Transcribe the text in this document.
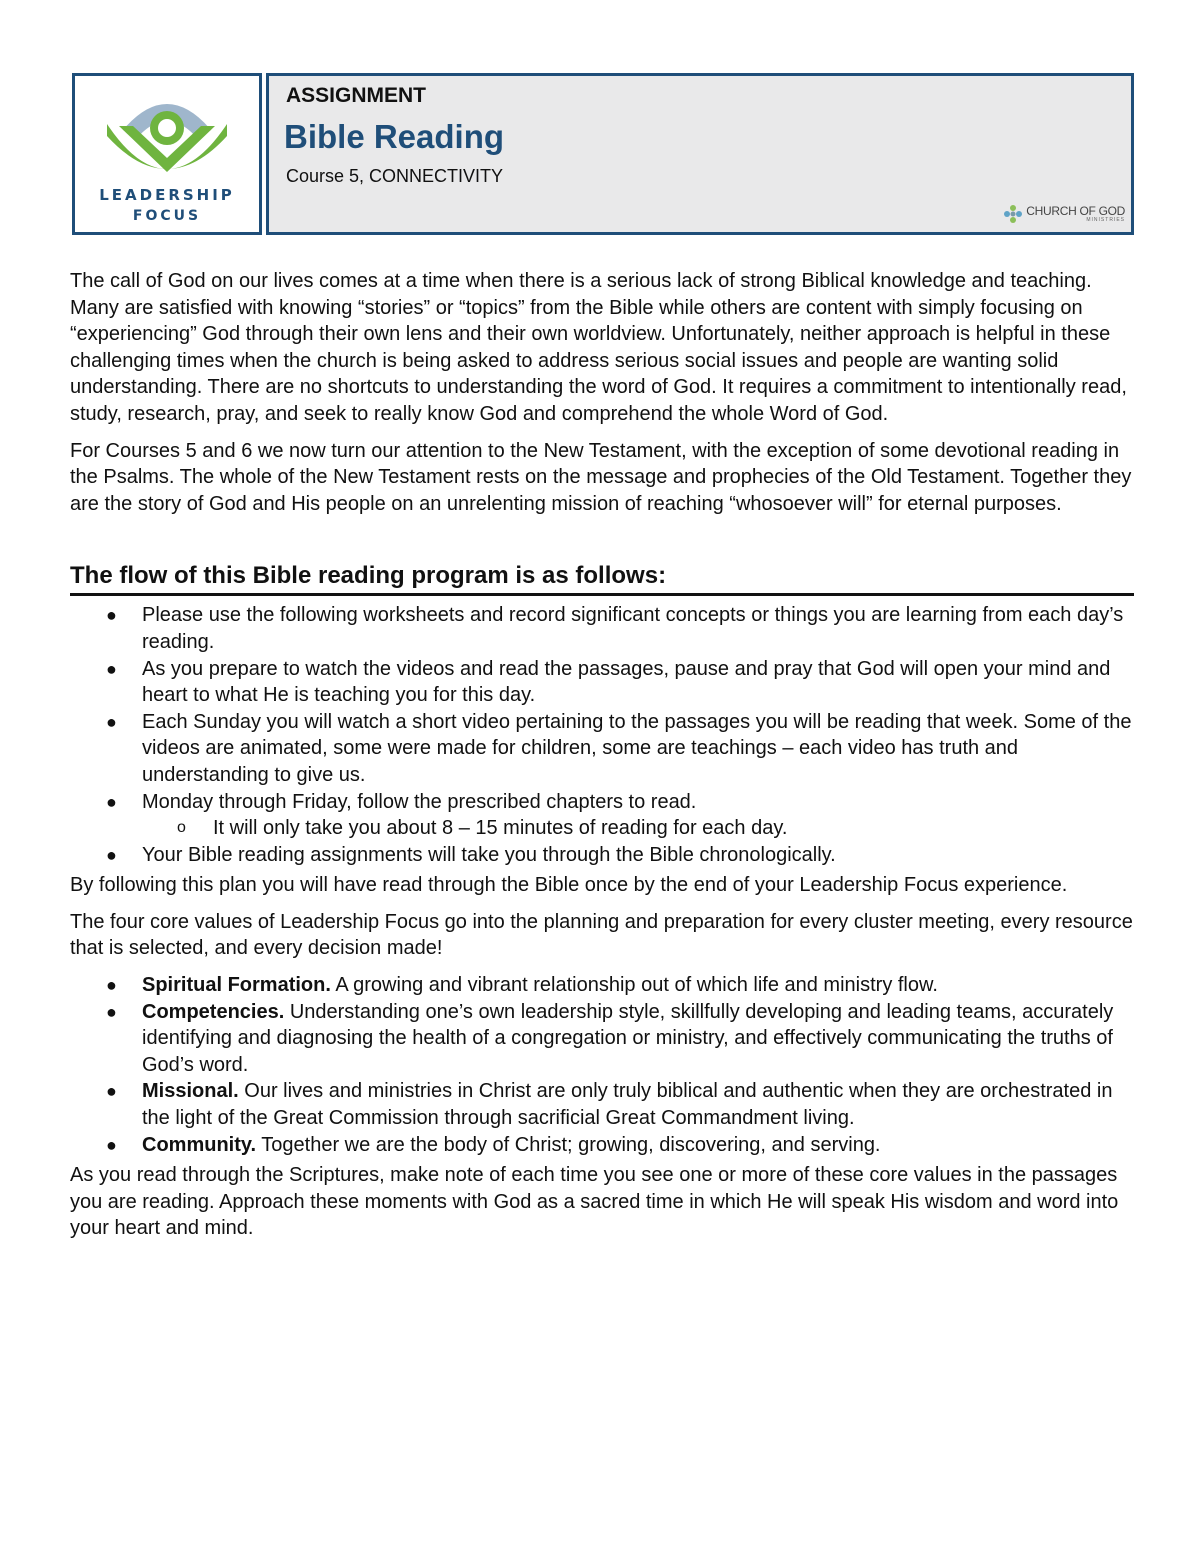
LEADERSHIP
FOCUS
ASSIGNMENT
Bible Reading
Course 5, CONNECTIVITY
CHURCH OF GOD
MINISTRIES

The call of God on our lives comes at a time when there is a serious lack of strong Biblical knowledge and teaching. Many are satisfied with knowing “stories” or “topics” from the Bible while others are content with simply focusing on “experiencing” God through their own lens and their own worldview. Unfortunately, neither approach is helpful in these challenging times when the church is being asked to address serious social issues and people are wanting solid understanding. There are no shortcuts to understanding the word of God. It requires a commitment to intentionally read, study, research, pray, and seek to really know God and comprehend the whole Word of God.

For Courses 5 and 6 we now turn our attention to the New Testament, with the exception of some devotional reading in the Psalms. The whole of the New Testament rests on the message and prophecies of the Old Testament. Together they are the story of God and His people on an unrelenting mission of reaching “whosoever will” for eternal purposes.

The flow of this Bible reading program is as follows:
● Please use the following worksheets and record significant concepts or things you are learning from each day’s reading.
● As you prepare to watch the videos and read the passages, pause and pray that God will open your mind and heart to what He is teaching you for this day.
● Each Sunday you will watch a short video pertaining to the passages you will be reading that week. Some of the videos are animated, some were made for children, some are teachings – each video has truth and understanding to give us.
● Monday through Friday, follow the prescribed chapters to read.
o It will only take you about 8 – 15 minutes of reading for each day.
● Your Bible reading assignments will take you through the Bible chronologically.

By following this plan you will have read through the Bible once by the end of your Leadership Focus experience.

The four core values of Leadership Focus go into the planning and preparation for every cluster meeting, every resource that is selected, and every decision made!

● Spiritual Formation. A growing and vibrant relationship out of which life and ministry flow.
● Competencies. Understanding one’s own leadership style, skillfully developing and leading teams, accurately identifying and diagnosing the health of a congregation or ministry, and effectively communicating the truths of God’s word.
● Missional. Our lives and ministries in Christ are only truly biblical and authentic when they are orchestrated in the light of the Great Commission through sacrificial Great Commandment living.
● Community. Together we are the body of Christ; growing, discovering, and serving.

As you read through the Scriptures, make note of each time you see one or more of these core values in the passages you are reading. Approach these moments with God as a sacred time in which He will speak His wisdom and word into your heart and mind.
